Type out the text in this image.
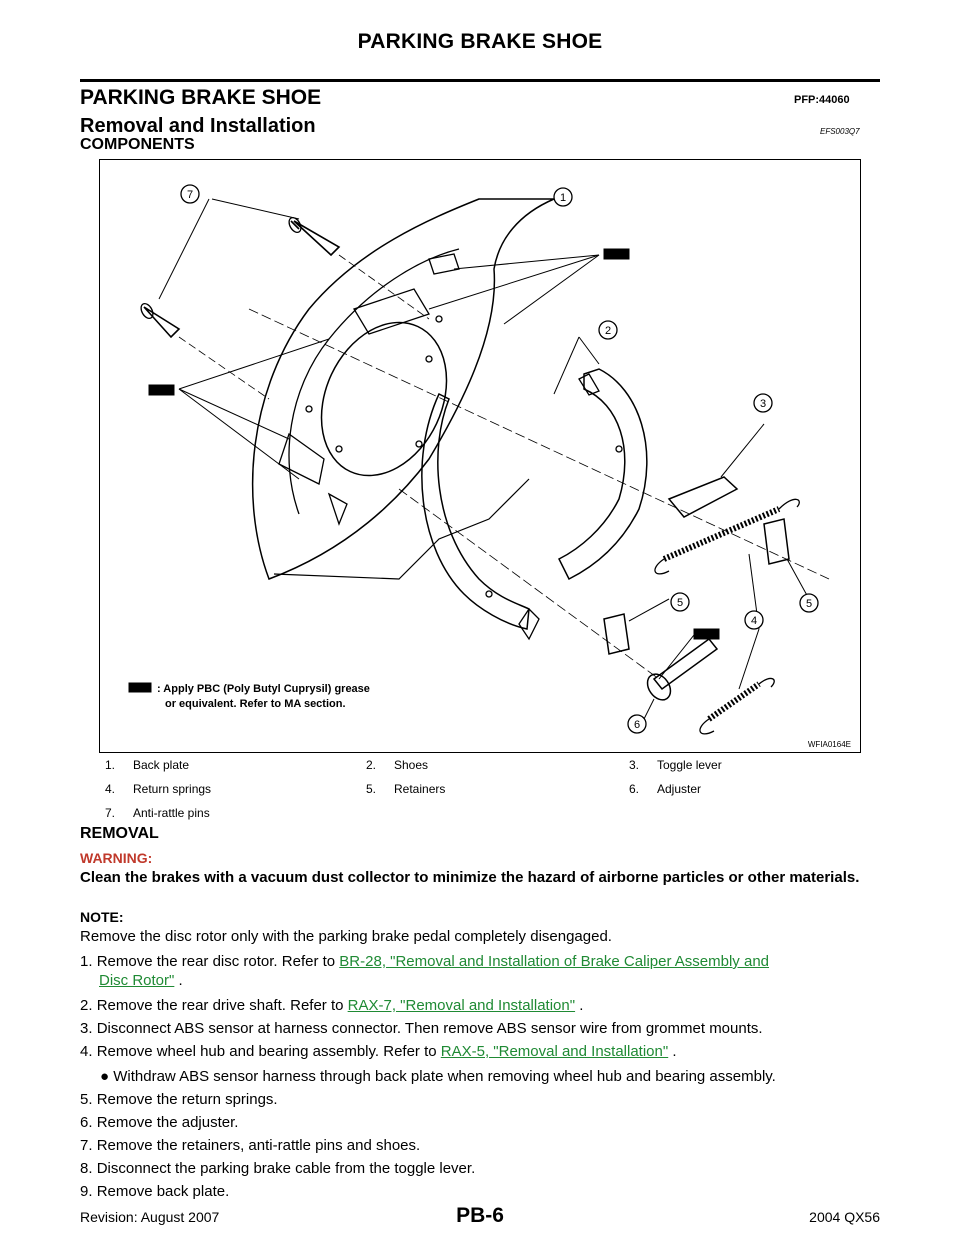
PARKING BRAKE SHOE
PARKING BRAKE SHOE	PFP:44060
Removal and Installation	EFS003Q7
COMPONENTS
1
2
3
4
5	5
6
7
: Apply PBC (Poly Butyl Cuprysil) grease
or equivalent. Refer to MA section.
WFIA0164E
1.	Back plate	2.	Shoes	3.	Toggle lever
4.	Return springs	5.	Retainers	6.	Adjuster
7.	Anti-rattle pins				
REMOVAL
WARNING:
Clean the brakes with a vacuum dust collector to minimize the hazard of airborne particles or other materials.
NOTE:
Remove the disc rotor only with the parking brake pedal completely disengaged.
1. Remove the rear disc rotor. Refer to BR-28, "Removal and Installation of Brake Caliper Assembly and
Disc Rotor" .
2. Remove the rear drive shaft. Refer to RAX-7, "Removal and Installation" .
3. Disconnect ABS sensor at harness connector. Then remove ABS sensor wire from grommet mounts.
4. Remove wheel hub and bearing assembly. Refer to RAX-5, "Removal and Installation" .
● Withdraw ABS sensor harness through back plate when removing wheel hub and bearing assembly.
5. Remove the return springs.
6. Remove the adjuster.
7. Remove the retainers, anti-rattle pins and shoes.
8. Disconnect the parking brake cable from the toggle lever.
9. Remove back plate.
Revision: August 2007	PB-6	2004 QX56
